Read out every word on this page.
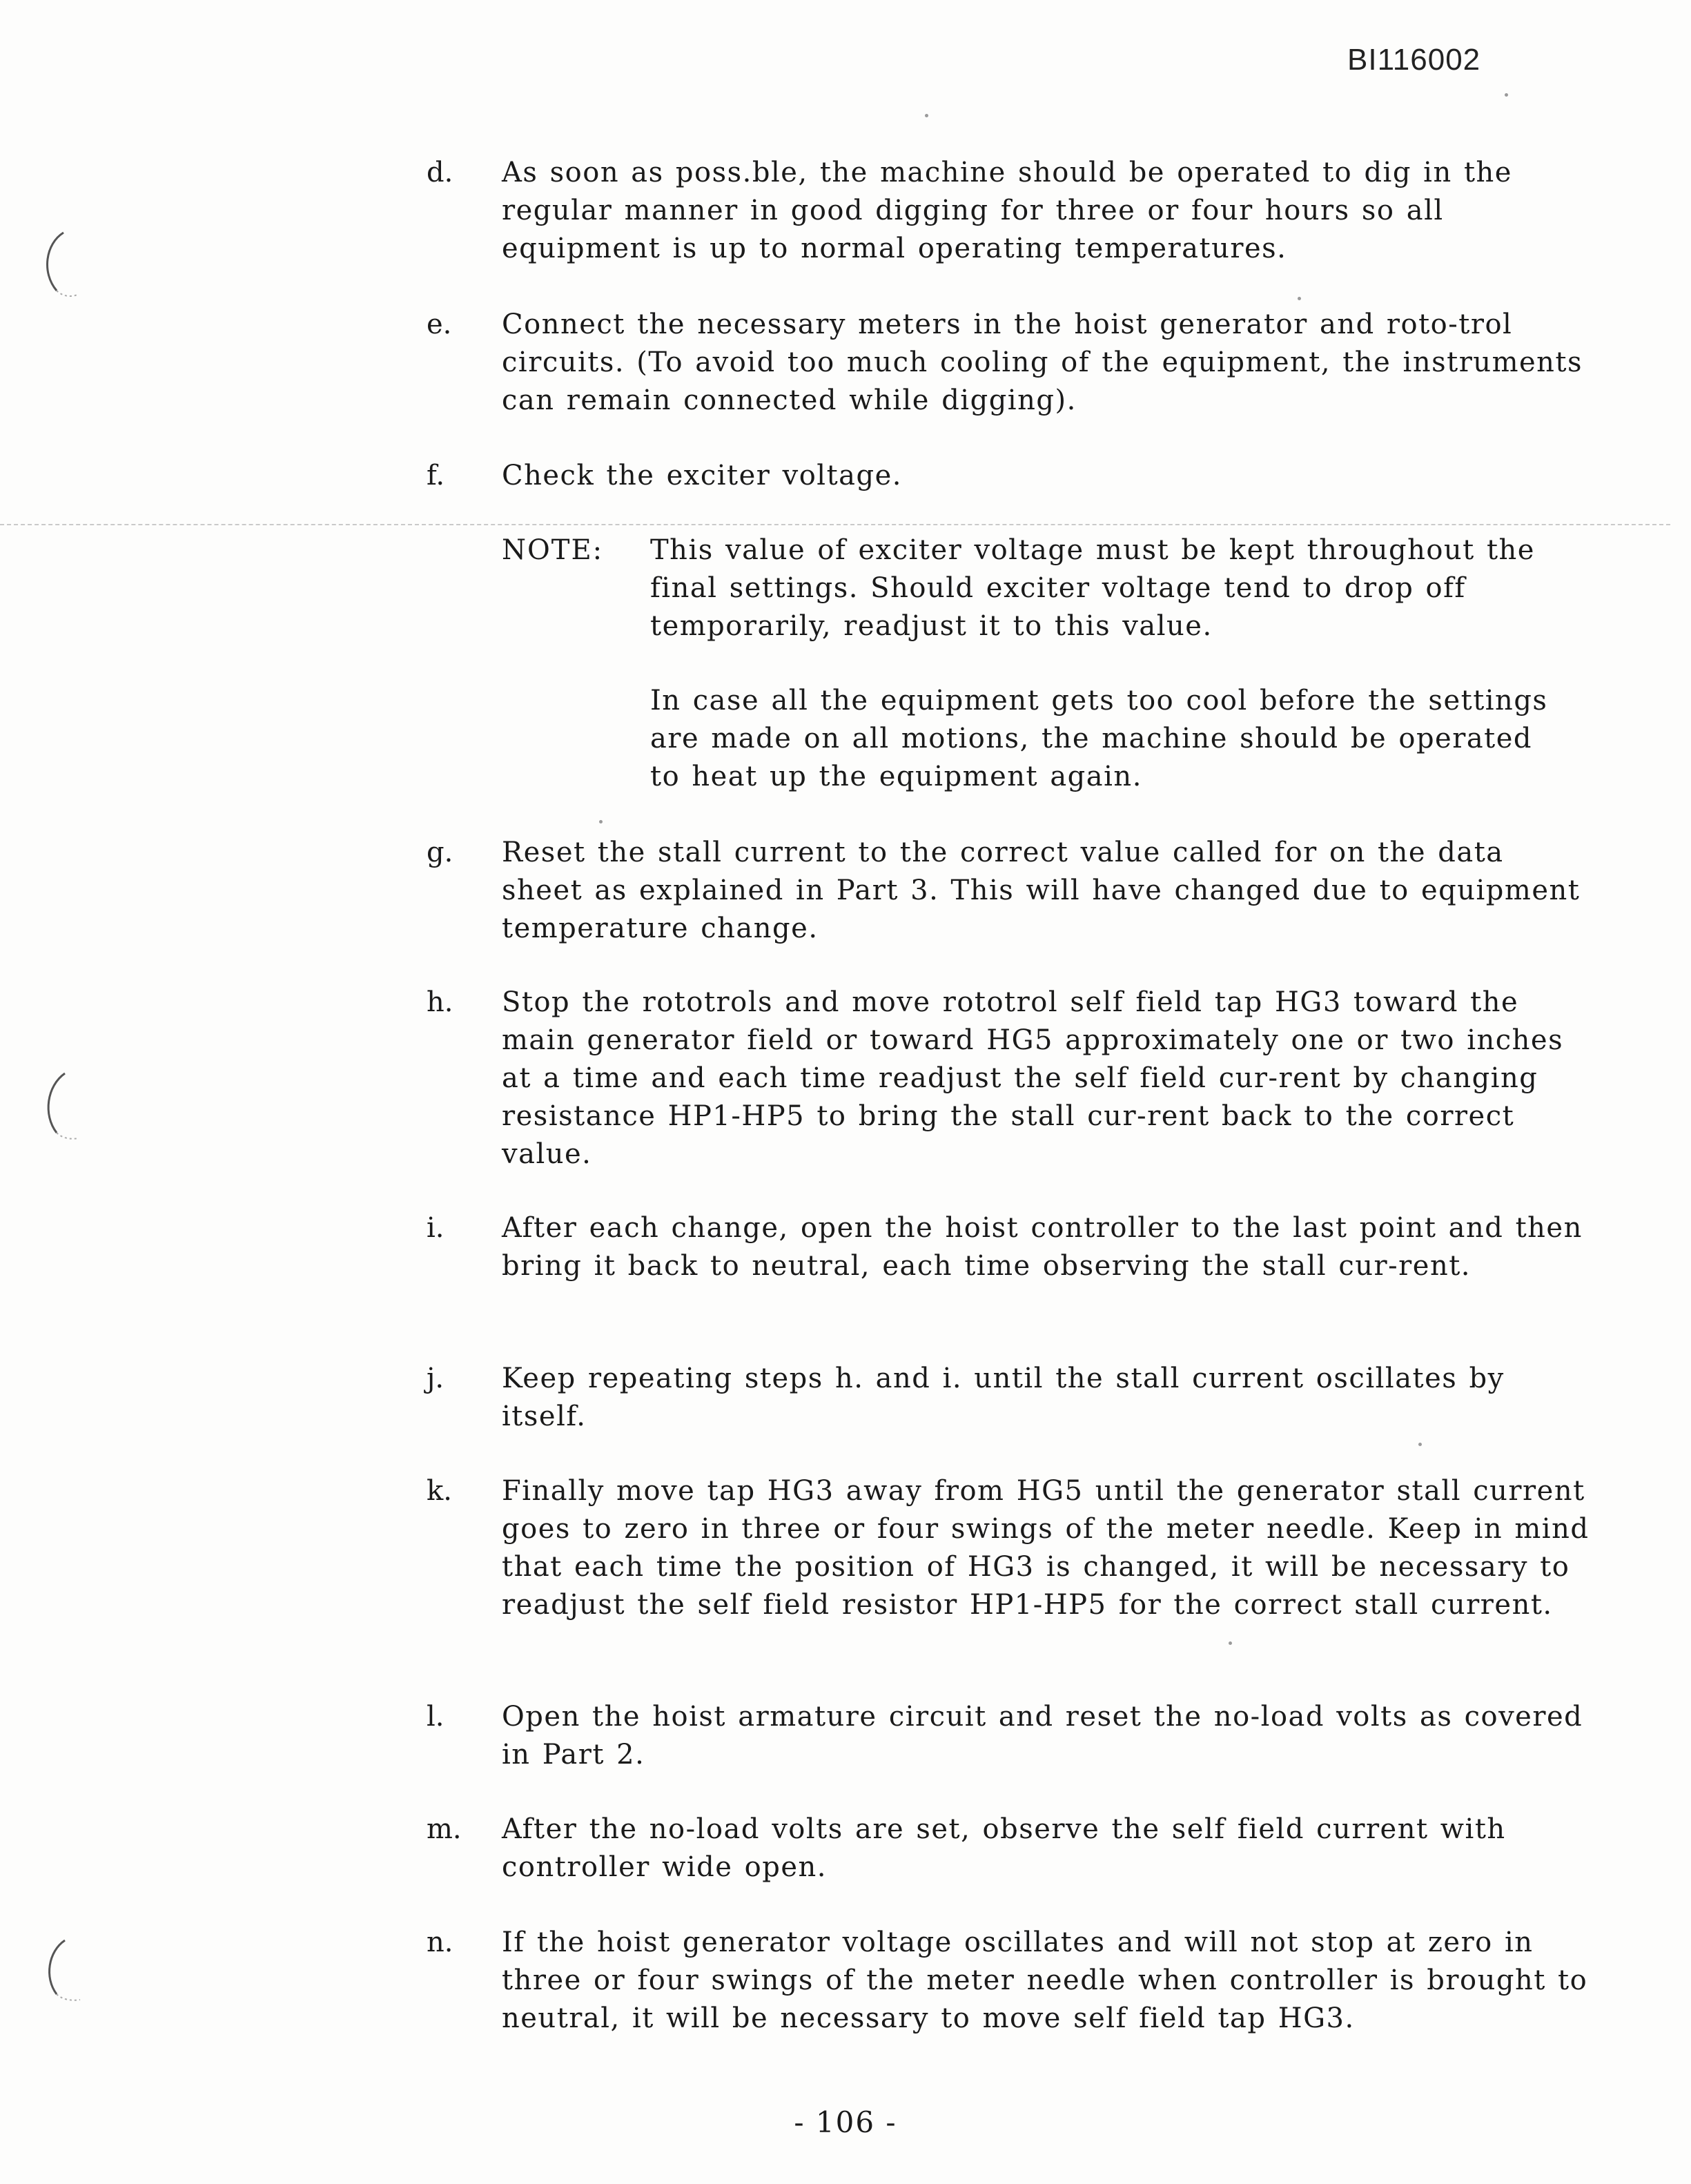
BI116002
d. As soon as poss.ble, the machine should be operated to dig in the regular manner in good digging for three or four hours so all equipment is up to normal operating temperatures.
e. Connect the necessary meters in the hoist generator and roto-trol circuits. (To avoid too much cooling of the equipment, the instruments can remain connected while digging).
f. Check the exciter voltage.
NOTE: This value of exciter voltage must be kept throughout the final settings. Should exciter voltage tend to drop off temporarily, readjust it to this value.
In case all the equipment gets too cool before the settings are made on all motions, the machine should be operated to heat up the equipment again.
g. Reset the stall current to the correct value called for on the data sheet as explained in Part 3. This will have changed due to equipment temperature change.
h. Stop the rototrols and move rototrol self field tap HG3 toward the main generator field or toward HG5 approximately one or two inches at a time and each time readjust the self field cur-rent by changing resistance HP1-HP5 to bring the stall cur-rent back to the correct value.
i. After each change, open the hoist controller to the last point and then bring it back to neutral, each time observing the stall cur-rent.
j. Keep repeating steps h. and i. until the stall current oscillates by itself.
k. Finally move tap HG3 away from HG5 until the generator stall current goes to zero in three or four swings of the meter needle. Keep in mind that each time the position of HG3 is changed, it will be necessary to readjust the self field resistor HP1-HP5 for the correct stall current.
l. Open the hoist armature circuit and reset the no-load volts as covered in Part 2.
m. After the no-load volts are set, observe the self field current with controller wide open.
n. If the hoist generator voltage oscillates and will not stop at zero in three or four swings of the meter needle when controller is brought to neutral, it will be necessary to move self field tap HG3.
- 106 -
